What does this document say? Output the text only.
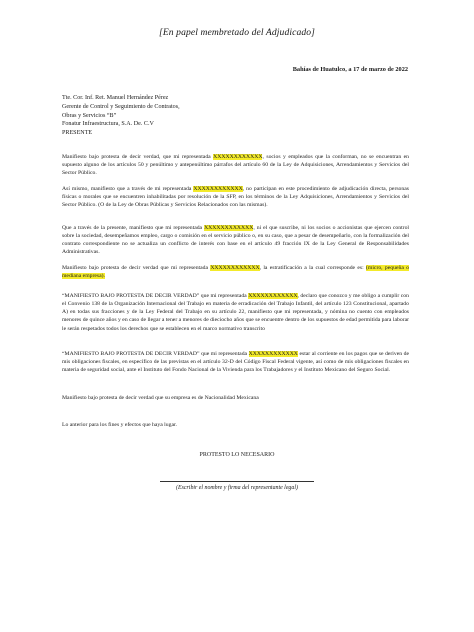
[En papel membretado del Adjudicado]
Bahías de Huatulco, a 17 de marzo de 2022
Tte. Cor. Inf. Ret. Manuel Hernández Pérez
Gerente de Control y Seguimiento de Contratos,
Obras y Servicios “B”
Fonatur Infraestructura, S.A. De. C.V
PRESENTE

Manifiesto bajo protesta de decir verdad, que mi representada XXXXXXXXXXXX, socios y empleados que la conforman, no se encuentran en supuesto alguno de los artículos 50 y penúltimo y antepenúltimo párrafos del artículo 60 de la Ley de Adquisiciones, Arrendamientos y Servicios del Sector Público.

Así mismo, manifiesto que a través de mi representada XXXXXXXXXXXX, no participan en este procedimiento de adjudicación directa, personas físicas o morales que se encuentren inhabilitadas por resolución de la SFP, en los términos de la Ley Adquisiciones, Arrendamientos y Servicios del Sector Público. (O de la Ley de Obras Públicas y Servicios Relacionados con las mismas).

Que a través de la presente, manifiesto que mi representada XXXXXXXXXXXX, ni el que suscribe, ni los socios o accionistas que ejercen control sobre la sociedad, desempeñamos empleo, cargo o comisión en el servicio público o, en su caso, que a pesar de desempeñarlo, con la formalización del contrato correspondiente no se actualiza un conflicto de interés con base en el artículo 49 fracción IX de la Ley General de Responsabilidades Administrativas.

Manifiesto bajo protesta de decir verdad que mi representada XXXXXXXXXXXX, la estratificación a la cual corresponde es: (micro, pequeña o mediana empresa).

“MANIFIESTO BAJO PROTESTA DE DECIR VERDAD” que mi representada XXXXXXXXXXXX, declaro que conozco y me obligo a cumplir con el Convenio 138 de la Organización Internacional del Trabajo en materia de erradicación del Trabajo Infantil, del artículo 123 Constitucional, apartado A) en todas sus fracciones y de la Ley Federal del Trabajo en su artículo 22, manifiesto que mi representada, y nómina no cuento con empleados menores de quince años y en caso de llegar a tener a menores de dieciocho años que se encuentre dentro de los supuestos de edad permitida para laborar le serán respetados todos los derechos que se establecen en el marco normativo transcrito

“MANIFIESTO BAJO PROTESTA DE DECIR VERDAD” que mi representada XXXXXXXXXXXX estar al corriente en los pagos que se deriven de mis obligaciones fiscales, en específico de las previstas en el artículo 32-D del Código Fiscal Federal vigente, así como de mis obligaciones fiscales en materia de seguridad social, ante el Instituto del Fondo Nacional de la Vivienda para los Trabajadores y el Instituto Mexicano del Seguro Social.

Manifiesto bajo protesta de decir verdad que su empresa es de Nacionalidad Mexicana

Lo anterior para los fines y efectos que haya lugar.

PROTESTO LO NECESARIO
(Escribir el nombre y firma del representante legal)
